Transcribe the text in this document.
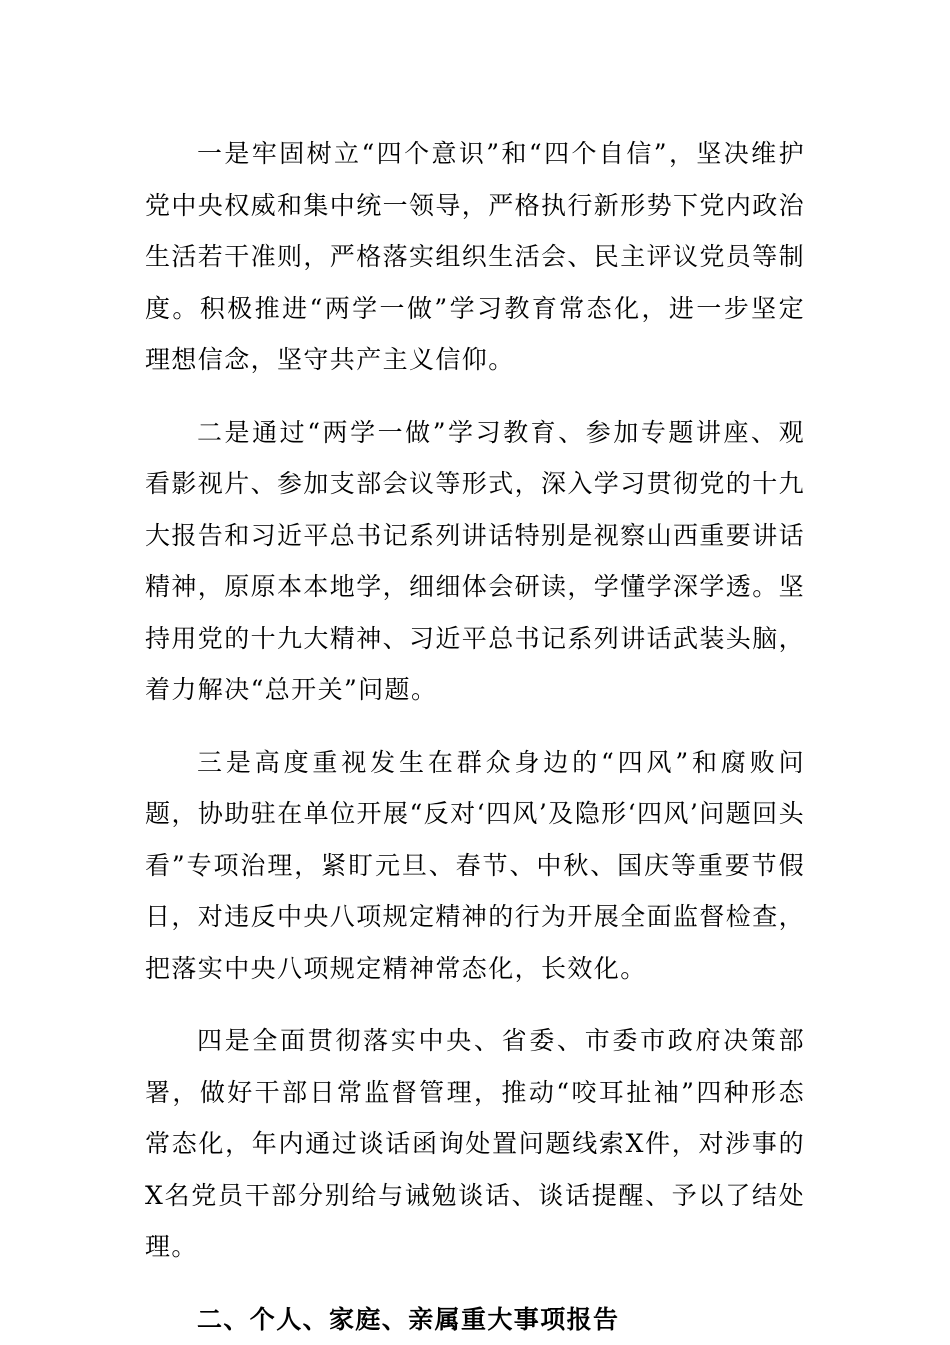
一是牢固树立“四个意识”和“四个自信”，坚决维护党中央权威和集中统一领导，严格执行新形势下党内政治生活若干准则，严格落实组织生活会、民主评议党员等制度。积极推进“两学一做”学习教育常态化，进一步坚定理想信念，坚守共产主义信仰。

二是通过“两学一做”学习教育、参加专题讲座、观看影视片、参加支部会议等形式，深入学习贯彻党的十九大报告和习近平总书记系列讲话特别是视察山西重要讲话精神，原原本本地学，细细体会研读，学懂学深学透。坚持用党的十九大精神、习近平总书记系列讲话武装头脑，着力解决“总开关”问题。

三是高度重视发生在群众身边的“四风”和腐败问题，协助驻在单位开展“反对‘四风’及隐形‘四风’问题回头看”专项治理，紧盯元旦、春节、中秋、国庆等重要节假日，对违反中央八项规定精神的行为开展全面监督检查，把落实中央八项规定精神常态化，长效化。

四是全面贯彻落实中央、省委、市委市政府决策部署，做好干部日常监督管理，推动“咬耳扯袖”四种形态常态化，年内通过谈话函询处置问题线索X件，对涉事的X名党员干部分别给与诫勉谈话、谈话提醒、予以了结处理。

二、个人、家庭、亲属重大事项报告
